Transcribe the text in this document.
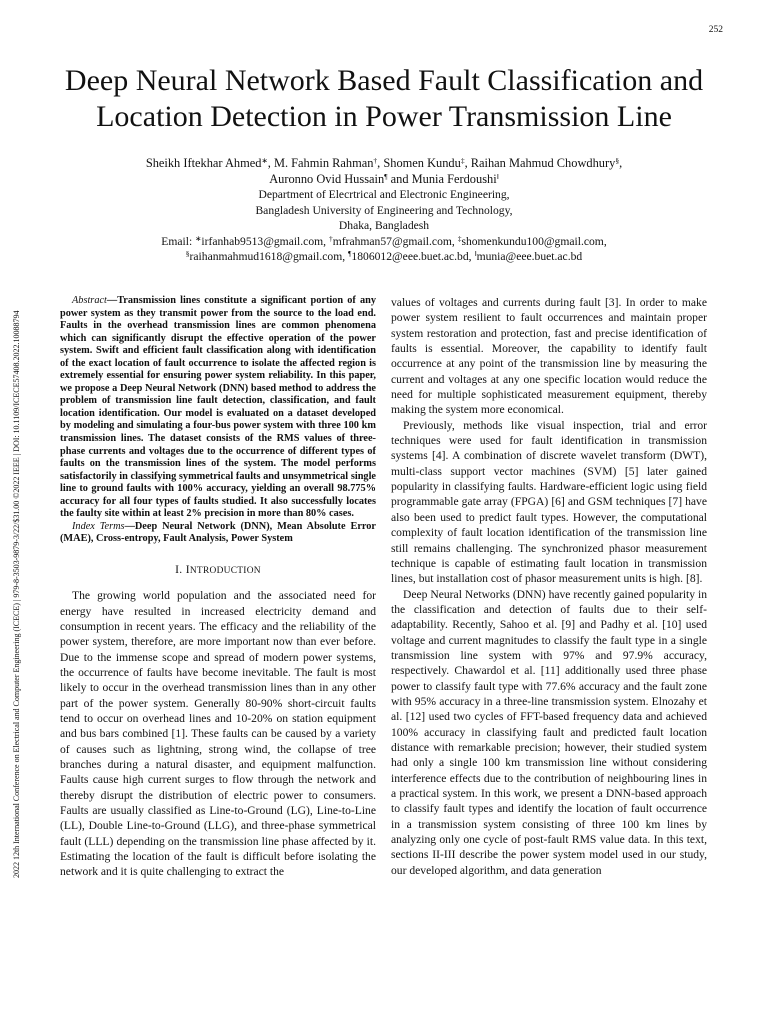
252
2022 12th International Conference on Electrical and Computer Engineering (ICECE) | 979-8-3503-9879-3/22/$31.00 ©2022 IEEE | DOI: 10.1109/ICECE57408.2022.10088794
Deep Neural Network Based Fault Classification and Location Detection in Power Transmission Line
Sheikh Iftekhar Ahmed∗, M. Fahmin Rahman†, Shomen Kundu‡, Raihan Mahmud Chowdhury§,
Auronno Ovid Hussain¶ and Munia Ferdoushi‖
Department of Elecrtrical and Electronic Engineering,
Bangladesh University of Engineering and Technology,
Dhaka, Bangladesh
Email: ∗irfanhab9513@gmail.com, †mfrahman57@gmail.com, ‡shomenkundu100@gmail.com,
§raihanmahmud1618@gmail.com, ¶1806012@eee.buet.ac.bd, ‖munia@eee.buet.ac.bd

Abstract—Transmission lines constitute a significant portion of any power system as they transmit power from the source to the load end. Faults in the overhead transmission lines are common phenomena which can significantly disrupt the effective operation of the power system. Swift and efficient fault classification along with identification of the exact location of fault occurrence to isolate the affected region is extremely essential for ensuring power system reliability. In this paper, we propose a Deep Neural Network (DNN) based method to address the problem of transmission line fault detection, classification, and fault location identification. Our model is evaluated on a dataset developed by modeling and simulating a four-bus power system with three 100 km transmission lines. The dataset consists of the RMS values of three-phase currents and voltages due to the occurrence of different types of faults on the transmission lines of the system. The model performs satisfactorily in classifying symmetrical faults and unsymmetrical single line to ground faults with 100% accuracy, yielding an overall 98.775% accuracy for all four types of faults studied. It also successfully locates the faulty site within at least 2% precision in more than 80% cases.

Index Terms—Deep Neural Network (DNN), Mean Absolute Error (MAE), Cross-entropy, Fault Analysis, Power System

I. INTRODUCTION

The growing world population and the associated need for energy have resulted in increased electricity demand and consumption in recent years. The efficacy and the reliability of the power system, therefore, are more important now than ever before. Due to the immense scope and spread of modern power systems, the occurrence of faults have become inevitable. The fault is most likely to occur in the overhead transmission lines than in any other part of the power system. Generally 80-90% short-circuit faults tend to occur on overhead lines and 10-20% on station equipment and bus bars combined [1]. These faults can be caused by a variety of causes such as lightning, strong wind, the collapse of tree branches during a natural disaster, and equipment malfunction. Faults cause high current surges to flow through the network and thereby disrupt the distribution of electric power to consumers. Faults are usually classified as Line-to-Ground (LG), Line-to-Line (LL), Double Line-to-Ground (LLG), and three-phase symmetrical fault (LLL) depending on the transmission line phase affected by it. Estimating the location of the fault is difficult before isolating the network and it is quite challenging to extract the

values of voltages and currents during fault [3]. In order to make power system resilient to fault occurrences and maintain proper system restoration and protection, fast and precise identification of faults is essential. Moreover, the capability to identify fault occurrence at any point of the transmission line by measuring the current and voltages at any one specific location would reduce the need for multiple sophisticated measurement equipment, thereby making the system more economical.

Previously, methods like visual inspection, trial and error techniques were used for fault identification in transmission systems [4]. A combination of discrete wavelet transform (DWT), multi-class support vector machines (SVM) [5] later gained popularity in classifying faults. Hardware-efficient logic using field programmable gate array (FPGA) [6] and GSM techniques [7] have also been used to predict fault types. However, the computational complexity of fault location identification of the transmission line still remains challenging. The synchronized phasor measurement technique is capable of estimating fault location in transmission lines, but installation cost of phasor measurement units is high. [8].

Deep Neural Networks (DNN) have recently gained popularity in the classification and detection of faults due to their self-adaptability. Recently, Sahoo et al. [9] and Padhy et al. [10] used voltage and current magnitudes to classify the fault type in a single transmission line system with 97% and 97.9% accuracy, respectively. Chawardol et al. [11] additionally used three phase power to classify fault type with 77.6% accuracy and the fault zone with 95% accuracy in a three-line transmission system. Elnozahy et al. [12] used two cycles of FFT-based frequency data and achieved 100% accuracy in classifying fault and predicted fault location distance with remarkable precision; however, their studied system had only a single 100 km transmission line without considering interference effects due to the contribution of neighbouring lines in a practical system. In this work, we present a DNN-based approach to classify fault types and identify the location of fault occurrence in a transmission system consisting of three 100 km lines by analyzing only one cycle of post-fault RMS value data. In this text, sections II-III describe the power system model used in our study, our developed algorithm, and data generation
